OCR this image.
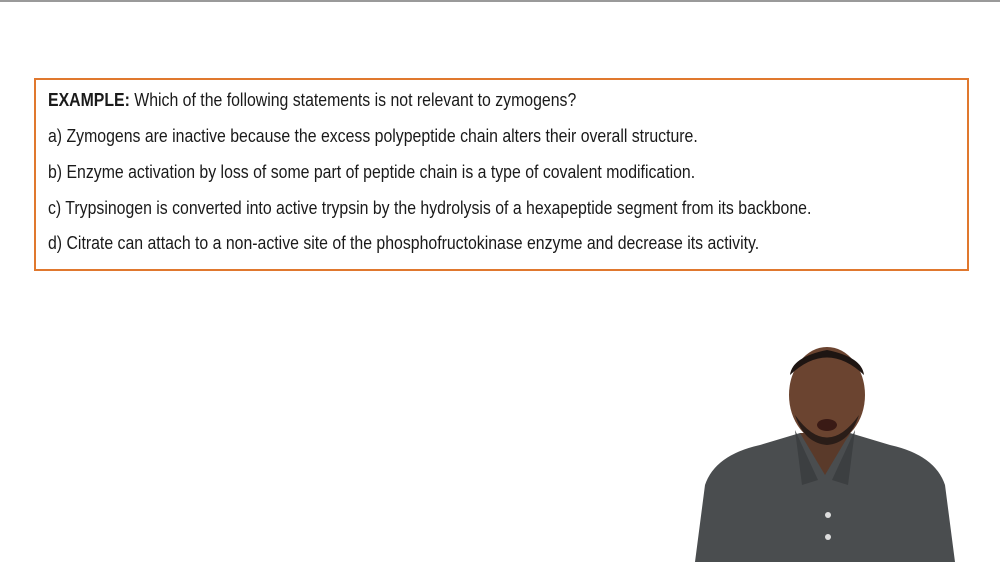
EXAMPLE: Which of the following statements is not relevant to zymogens?
a) Zymogens are inactive because the excess polypeptide chain alters their overall structure.
b) Enzyme activation by loss of some part of peptide chain is a type of covalent modification.
c) Trypsinogen is converted into active trypsin by the hydrolysis of a hexapeptide segment from its backbone.
d) Citrate can attach to a non-active site of the phosphofructokinase enzyme and decrease its activity.
